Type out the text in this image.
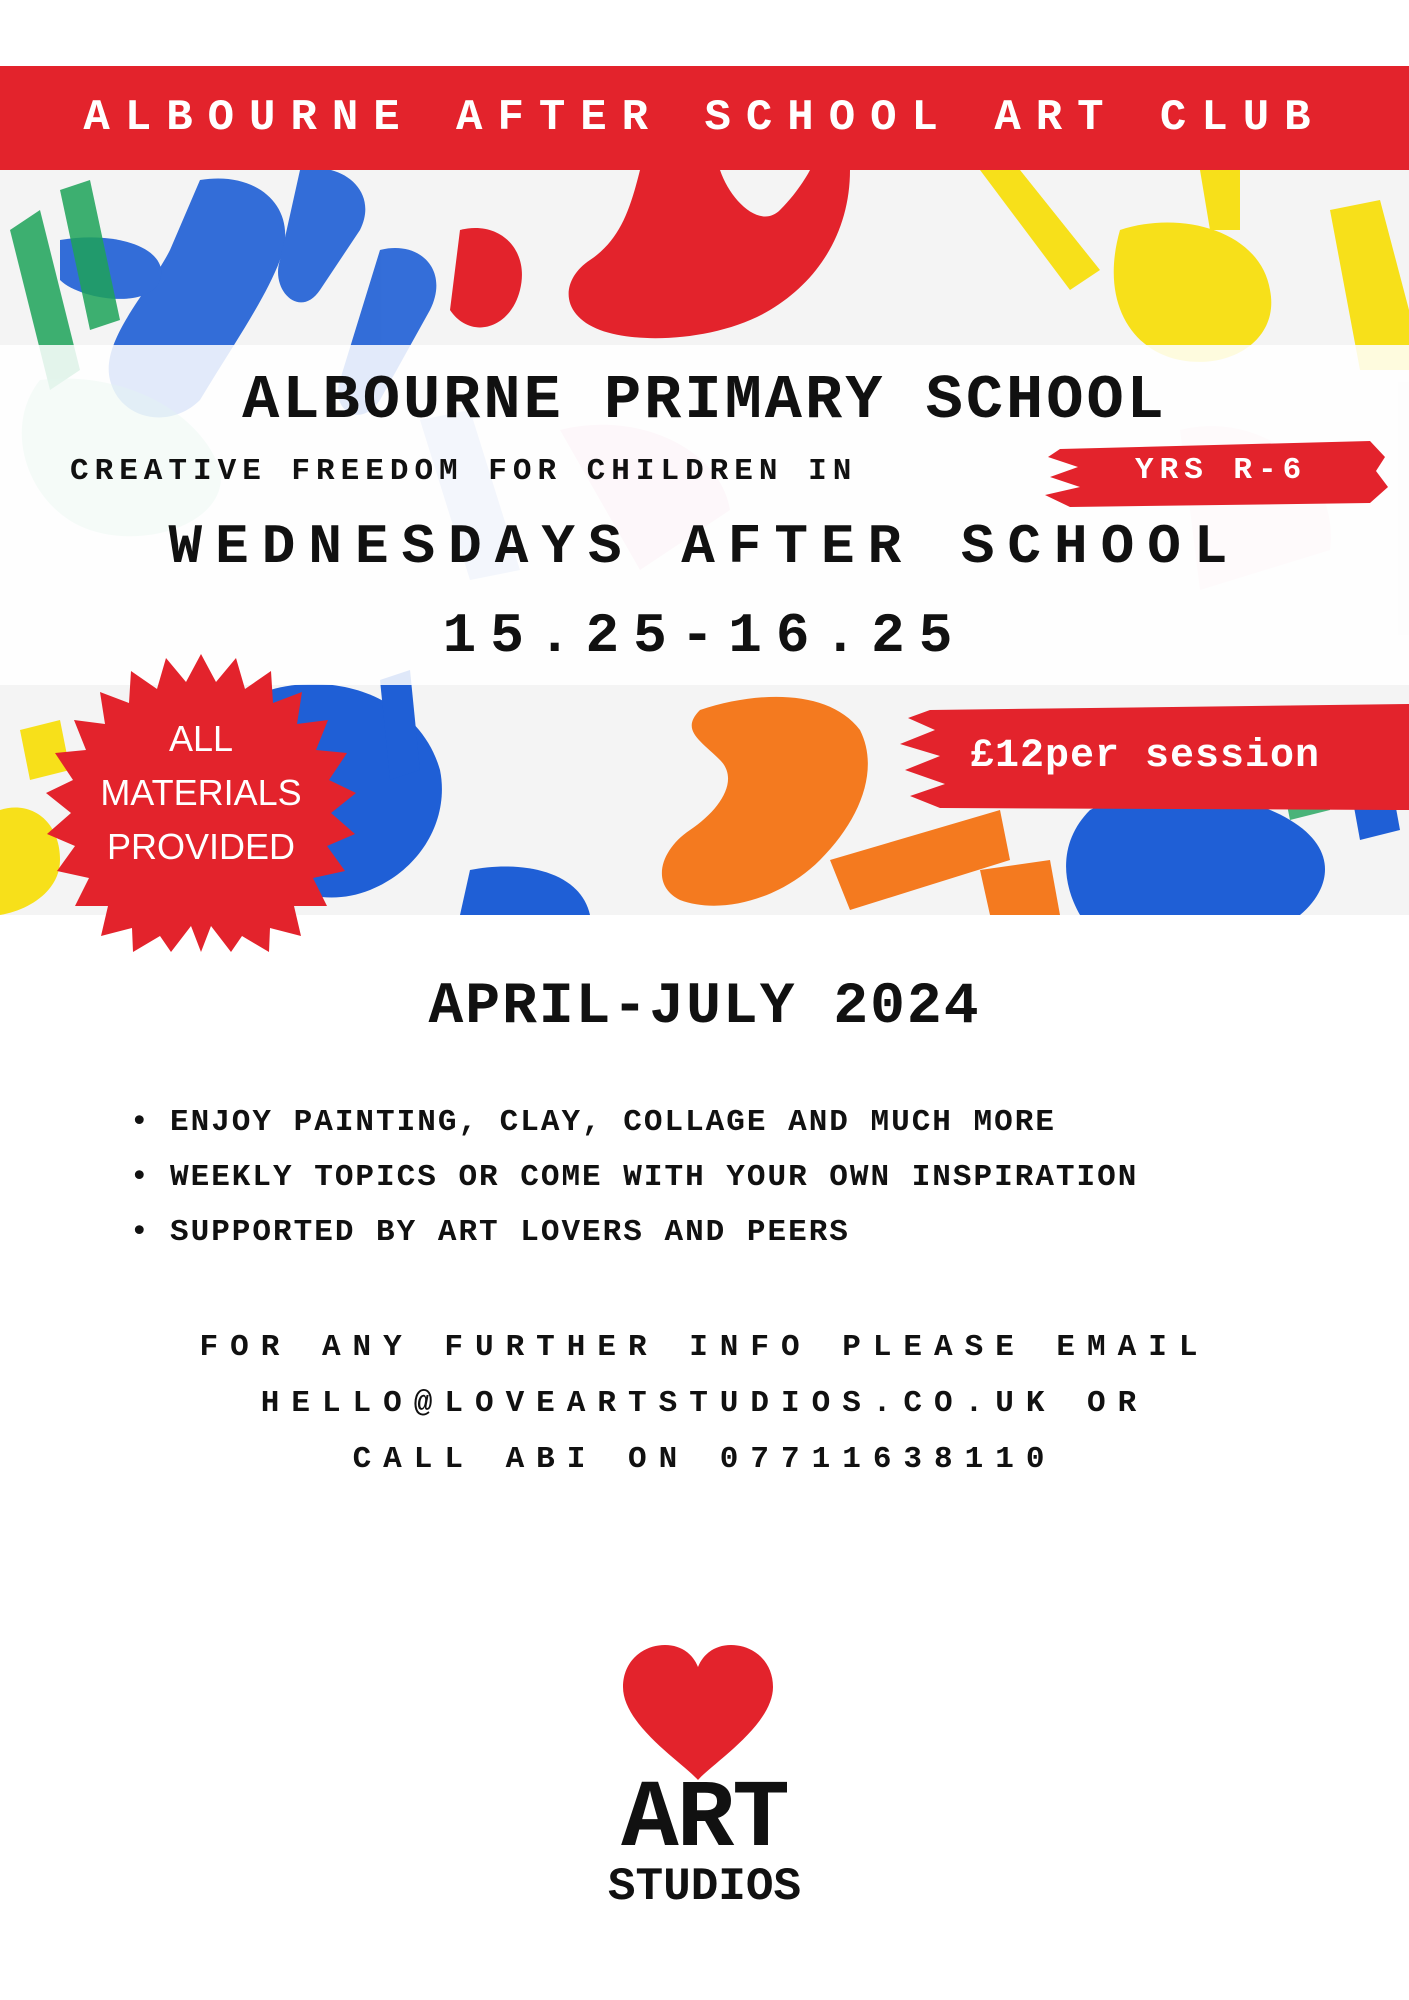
ALBOURNE AFTER SCHOOL ART CLUB
ALBOURNE PRIMARY SCHOOL
CREATIVE FREEDOM FOR CHILDREN IN	YRS R-6
WEDNESDAYS AFTER SCHOOL
15.25-16.25
£12per session
ALL
MATERIALS
PROVIDED
APRIL-JULY 2024
• ENJOY PAINTING, CLAY, COLLAGE AND MUCH MORE
• WEEKLY TOPICS OR COME WITH YOUR OWN INSPIRATION
• SUPPORTED BY ART LOVERS AND PEERS
FOR ANY FURTHER INFO PLEASE EMAIL
HELLO@LOVEARTSTUDIOS.CO.UK OR
CALL ABI ON 07711638110
ART
STUDIOS
